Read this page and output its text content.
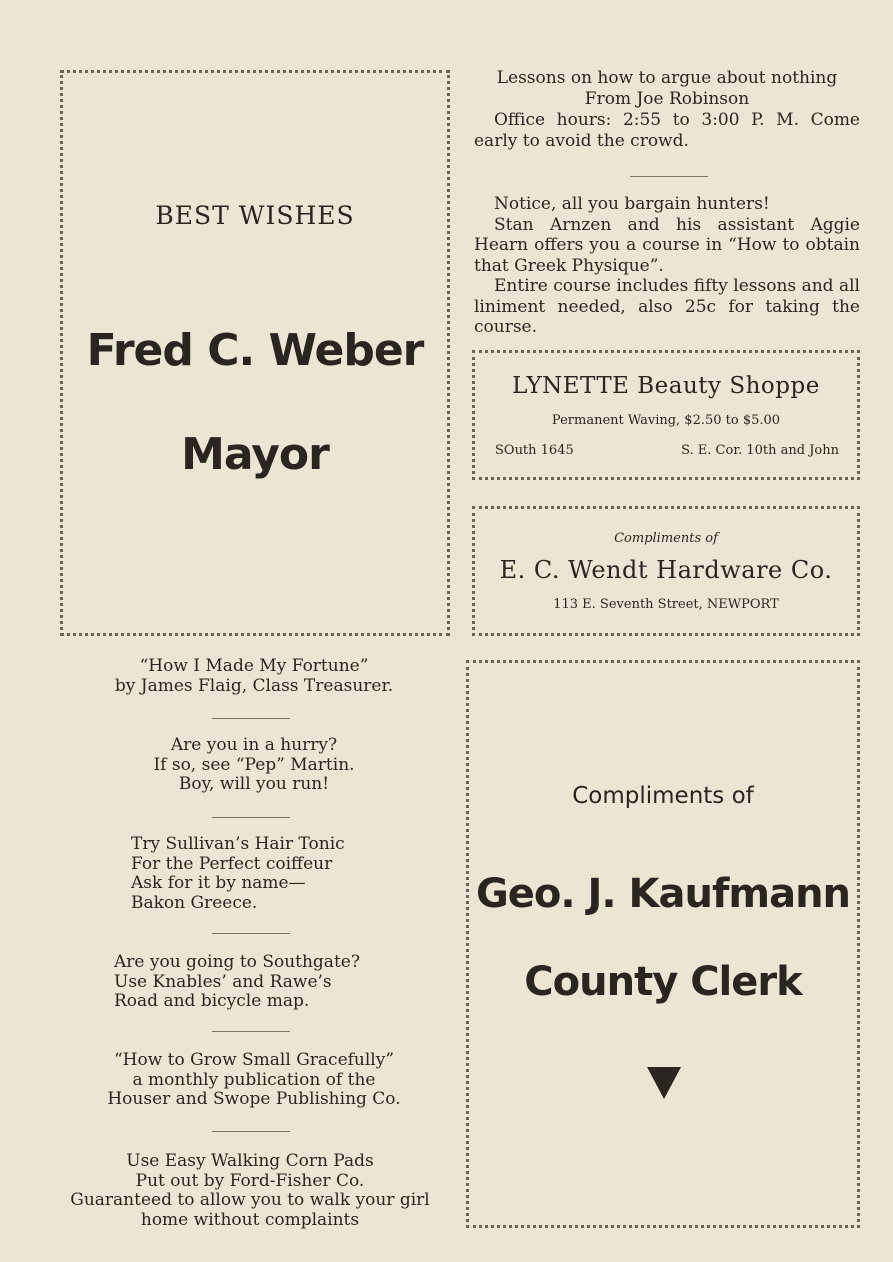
BEST WISHES
Fred C. Weber
Mayor

Lessons on how to argue about nothing

From Joe Robinson

Office hours: 2:55 to 3:00 P. M. Come early to avoid the crowd.

Notice, all you bargain hunters!

Stan Arnzen and his assistant Aggie Hearn offers you a course in “How to obtain that Greek Physique”.

Entire course includes fifty lessons and all liniment needed, also 25c for taking the course.

LYNETTE Beauty Shoppe
Permanent Waving, $2.50 to $5.00
SOuth 1645	S. E. Cor. 10th and John
Compliments of
E. C. Wendt Hardware Co.
113 E. Seventh Street, NEWPORT

“How I Made My Fortune”

by James Flaig, Class Treasurer.

Are you in a hurry?

If so, see “Pep” Martin.

Boy, will you run!

Try Sullivan’s Hair Tonic

For the Perfect coiffeur

Ask for it by name—

Bakon Greece.

Are you going to Southgate?

Use Knables’ and Rawe’s

Road and bicycle map.

“How to Grow Small Gracefully”

a monthly publication of the

Houser and Swope Publishing Co.

Use Easy Walking Corn Pads

Put out by Ford-Fisher Co.

Guaranteed to allow you to walk your girl

home without complaints

Compliments of
Geo. J. Kaufmann
County Clerk
